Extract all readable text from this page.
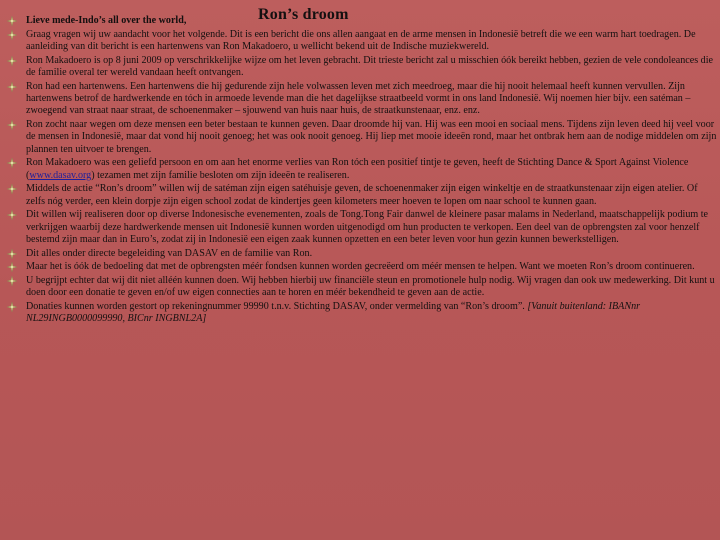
Ron’s droom
Lieve mede-Indo’s all over the world,
Graag vragen wij uw aandacht voor het volgende. Dit is een bericht die ons allen aangaat en de arme mensen in Indonesië betreft die we een warm hart toedragen. De aanleiding van dit bericht is een hartenwens van Ron Makadoero, u wellicht bekend uit de Indische muziekwereld.
Ron Makadoero is op 8 juni 2009 op verschrikkelijke wijze om het leven gebracht. Dit trieste bericht zal u misschien óók bereikt hebben, gezien de vele condoleances die de familie overal ter wereld vandaan heeft ontvangen.
Ron had een hartenwens. Een hartenwens die hij gedurende zijn hele volwassen leven met zich meedroeg, maar die hij nooit helemaal heeft kunnen vervullen. Zijn hartenwens betrof de hardwerkende en tóch in armoede levende man die het dagelijkse straatbeeld vormt in ons land Indonesië. Wij noemen hier bijv. een satéman – zwoegend van straat naar straat, de schoenenmaker – sjouwend van huis naar huis, de straatkunstenaar, enz. enz.
Ron zocht naar wegen om deze mensen een beter bestaan te kunnen geven. Daar droomde hij van. Hij was een mooi en sociaal mens. Tijdens zijn leven deed hij veel voor de mensen in Indonesië, maar dat vond hij nooit genoeg; het was ook nooit genoeg. Hij liep met mooie ideeën rond, maar het ontbrak hem aan de nodige middelen om zijn plannen ten uitvoer te brengen.
Ron Makadoero was een geliefd persoon en om aan het enorme verlies van Ron tóch een positief tintje te geven, heeft de Stichting Dance & Sport Against Violence (www.dasav.org) tezamen met zijn familie besloten om zijn ideeën te realiseren.
Middels de actie “Ron’s droom” willen wij de satéman zijn eigen satéhuisje geven, de schoenenmaker zijn eigen winkeltje en de straatkunstenaar zijn eigen atelier. Of zelfs nóg verder, een klein dorpje zijn eigen school zodat de kindertjes geen kilometers meer hoeven te lopen om naar school te kunnen gaan.
Dit willen wij realiseren door op diverse Indonesische evenementen, zoals de Tong.Tong Fair danwel de kleinere pasar malams in Nederland, maatschappelijk podium te verkrijgen waarbij deze hardwerkende mensen uit Indonesië kunnen worden uitgenodigd om hun producten te verkopen. Een deel van de opbrengsten zal voor henzelf bestemd zijn maar dan in Euro’s, zodat zij in Indonesië een eigen zaak kunnen opzetten en een beter leven voor hun gezin kunnen bewerkstelligen.
Dit alles onder directe begeleiding van DASAV en de familie van Ron.
Maar het is óók de bedoeling dat met de opbrengsten méér fondsen kunnen worden gecreëerd om méér mensen te helpen. Want we moeten Ron’s droom continueren.
U begrijpt echter dat wij dit niet alléén kunnen doen. Wij hebben hierbij uw financiële steun en promotionele hulp nodig. Wij vragen dan ook uw medewerking. Dit kunt u doen door een donatie te geven en/of uw eigen connecties aan te horen en méér bekendheid te geven aan de actie.
Donaties kunnen worden gestort op rekeningnummer 99990 t.n.v. Stichting DASAV, onder vermelding van “Ron’s droom”. [Vanuit buitenland: IBANnr NL29INGB0000099990, BICnr INGBNL2A]
